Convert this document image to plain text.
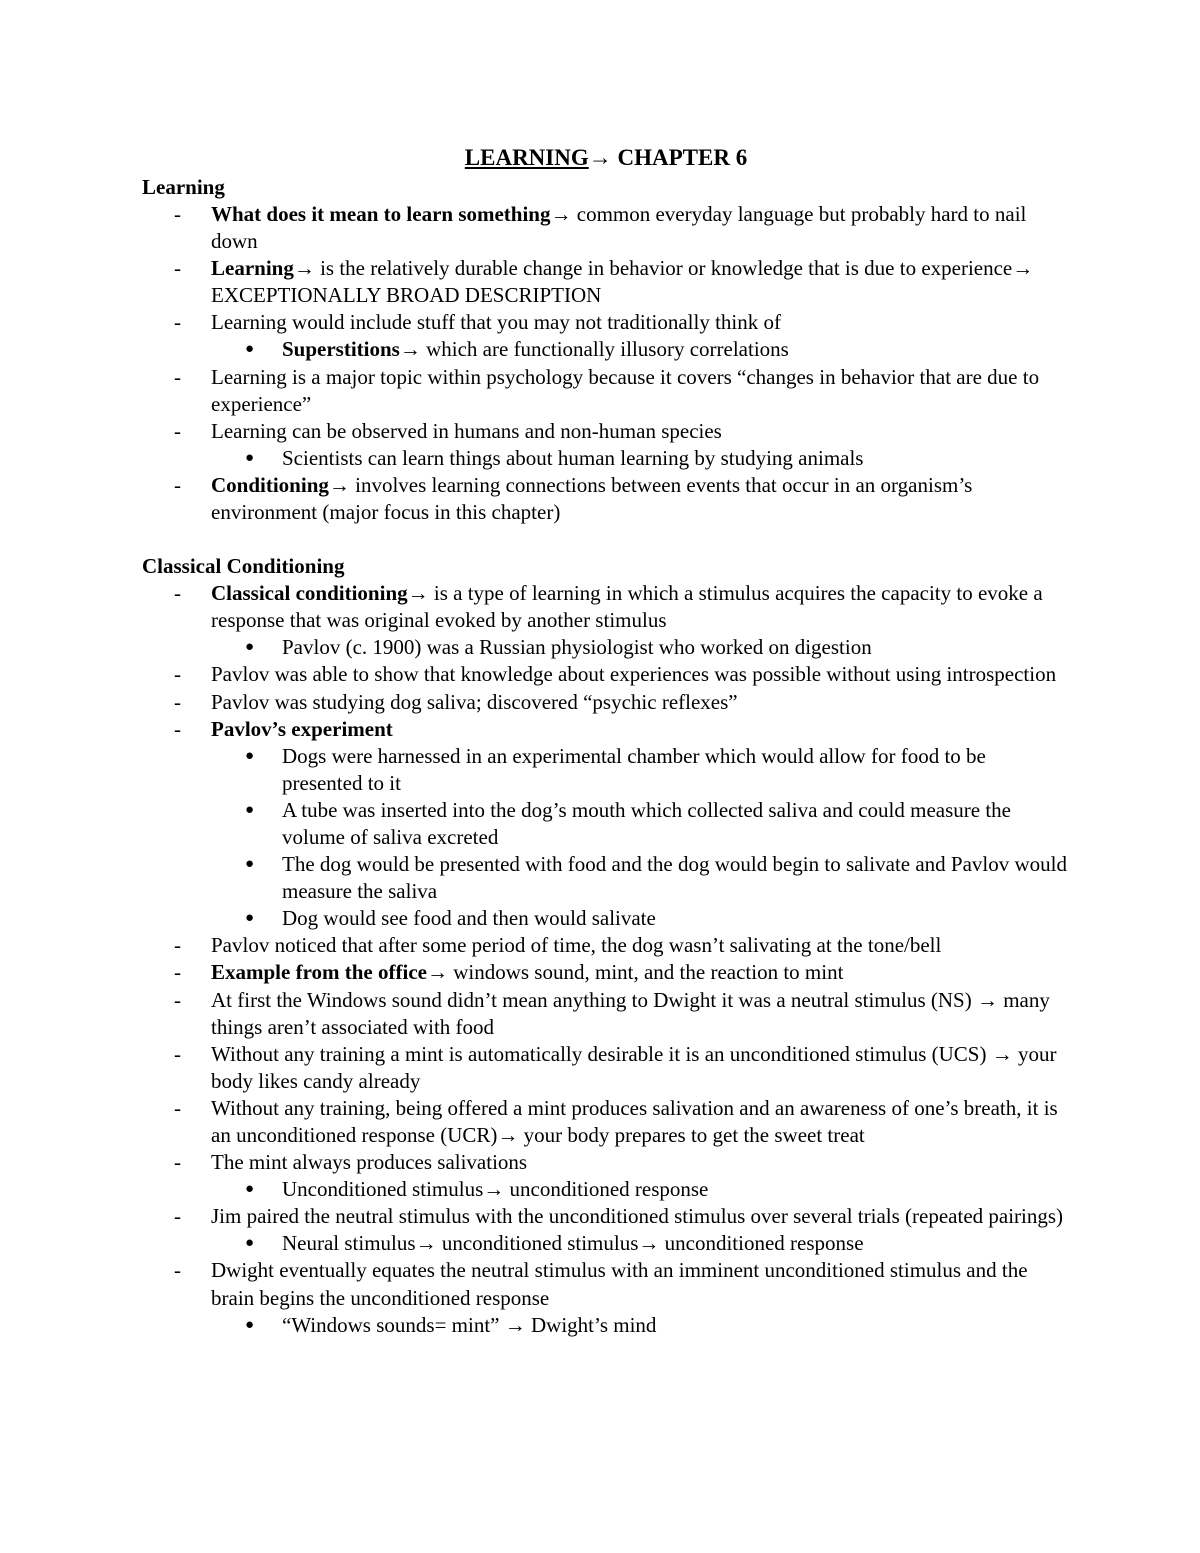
LEARNING→ CHAPTER 6
Learning
- What does it mean to learn something→ common everyday language but probably hard to nail down
- Learning→ is the relatively durable change in behavior or knowledge that is due to experience→ EXCEPTIONALLY BROAD DESCRIPTION
- Learning would include stuff that you may not traditionally think of
● Superstitions→ which are functionally illusory correlations
- Learning is a major topic within psychology because it covers “changes in behavior that are due to experience”
- Learning can be observed in humans and non-human species
● Scientists can learn things about human learning by studying animals
- Conditioning→ involves learning connections between events that occur in an organism’s environment (major focus in this chapter)
Classical Conditioning
- Classical conditioning→ is a type of learning in which a stimulus acquires the capacity to evoke a response that was original evoked by another stimulus
● Pavlov (c. 1900) was a Russian physiologist who worked on digestion
- Pavlov was able to show that knowledge about experiences was possible without using introspection
- Pavlov was studying dog saliva; discovered “psychic reflexes”
- Pavlov’s experiment
● Dogs were harnessed in an experimental chamber which would allow for food to be presented to it
● A tube was inserted into the dog’s mouth which collected saliva and could measure the volume of saliva excreted
● The dog would be presented with food and the dog would begin to salivate and Pavlov would measure the saliva
● Dog would see food and then would salivate
- Pavlov noticed that after some period of time, the dog wasn’t salivating at the tone/bell
- Example from the office→ windows sound, mint, and the reaction to mint
- At first the Windows sound didn’t mean anything to Dwight it was a neutral stimulus (NS) → many things aren’t associated with food
- Without any training a mint is automatically desirable it is an unconditioned stimulus (UCS) → your body likes candy already
- Without any training, being offered a mint produces salivation and an awareness of one’s breath, it is an unconditioned response (UCR)→ your body prepares to get the sweet treat
- The mint always produces salivations
● Unconditioned stimulus→ unconditioned response
- Jim paired the neutral stimulus with the unconditioned stimulus over several trials (repeated pairings)
● Neural stimulus→ unconditioned stimulus→ unconditioned response
- Dwight eventually equates the neutral stimulus with an imminent unconditioned stimulus and the brain begins the unconditioned response
● “Windows sounds= mint” → Dwight’s mind
